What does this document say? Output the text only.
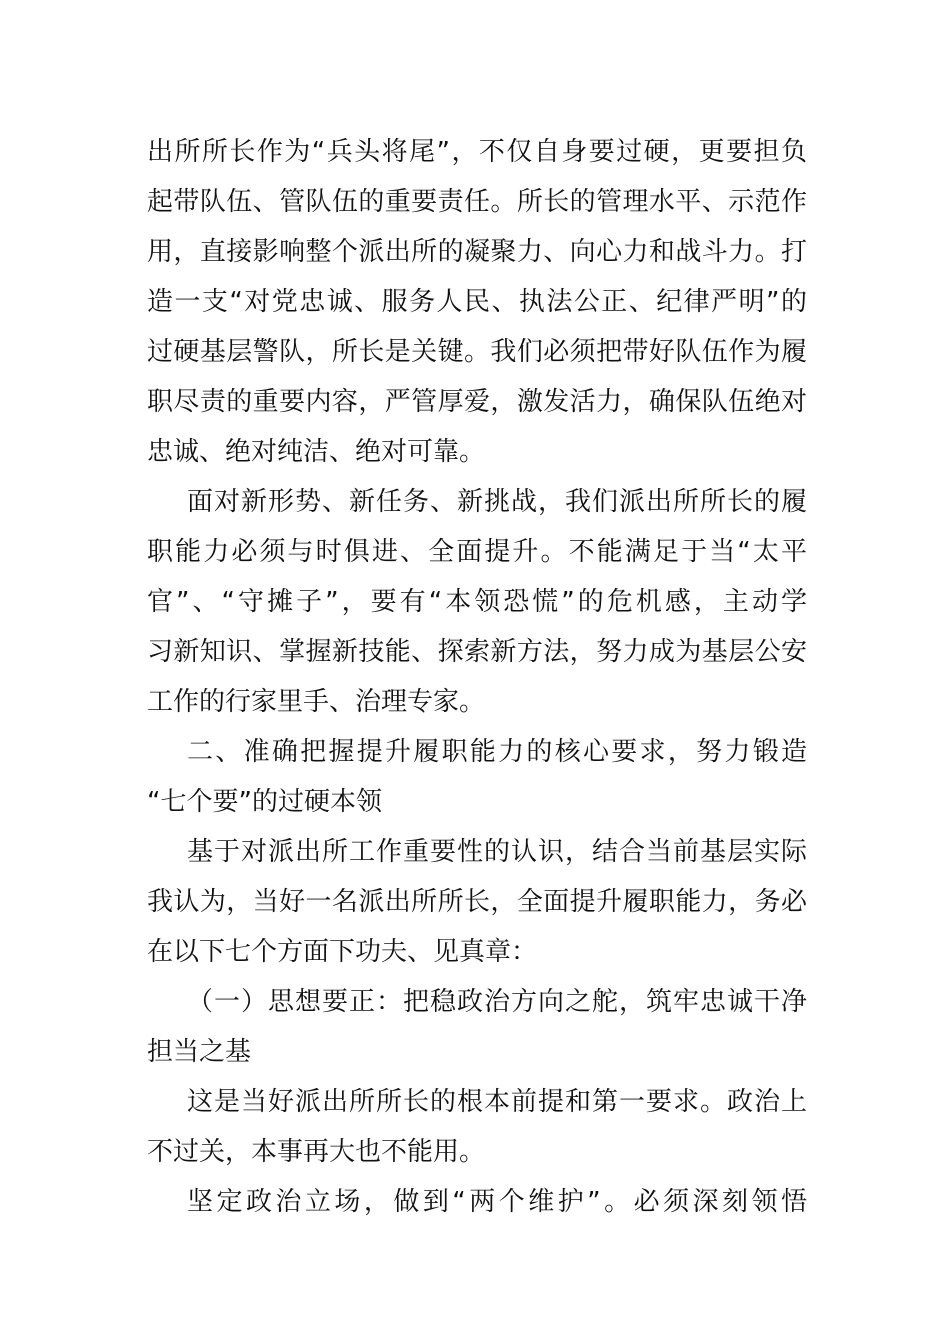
出所所长作为“兵头将尾”，不仅自身要过硬，更要担负
起带队伍、管队伍的重要责任。所长的管理水平、示范作
用，直接影响整个派出所的凝聚力、向心力和战斗力。打
造一支“对党忠诚、服务人民、执法公正、纪律严明”的
过硬基层警队，所长是关键。我们必须把带好队伍作为履
职尽责的重要内容，严管厚爱，激发活力，确保队伍绝对
忠诚、绝对纯洁、绝对可靠。
面对新形势、新任务、新挑战，我们派出所所长的履
职能力必须与时俱进、全面提升。不能满足于当“太平
官”、“守摊子”，要有“本领恐慌”的危机感，主动学
习新知识、掌握新技能、探索新方法，努力成为基层公安
工作的行家里手、治理专家。
二、准确把握提升履职能力的核心要求，努力锻造
“七个要”的过硬本领
基于对派出所工作重要性的认识，结合当前基层实际
我认为，当好一名派出所所长，全面提升履职能力，务必
在以下七个方面下功夫、见真章：
（一）思想要正：把稳政治方向之舵，筑牢忠诚干净
担当之基
这是当好派出所所长的根本前提和第一要求。政治上
不过关，本事再大也不能用。
坚定政治立场，做到“两个维护”。必须深刻领悟
